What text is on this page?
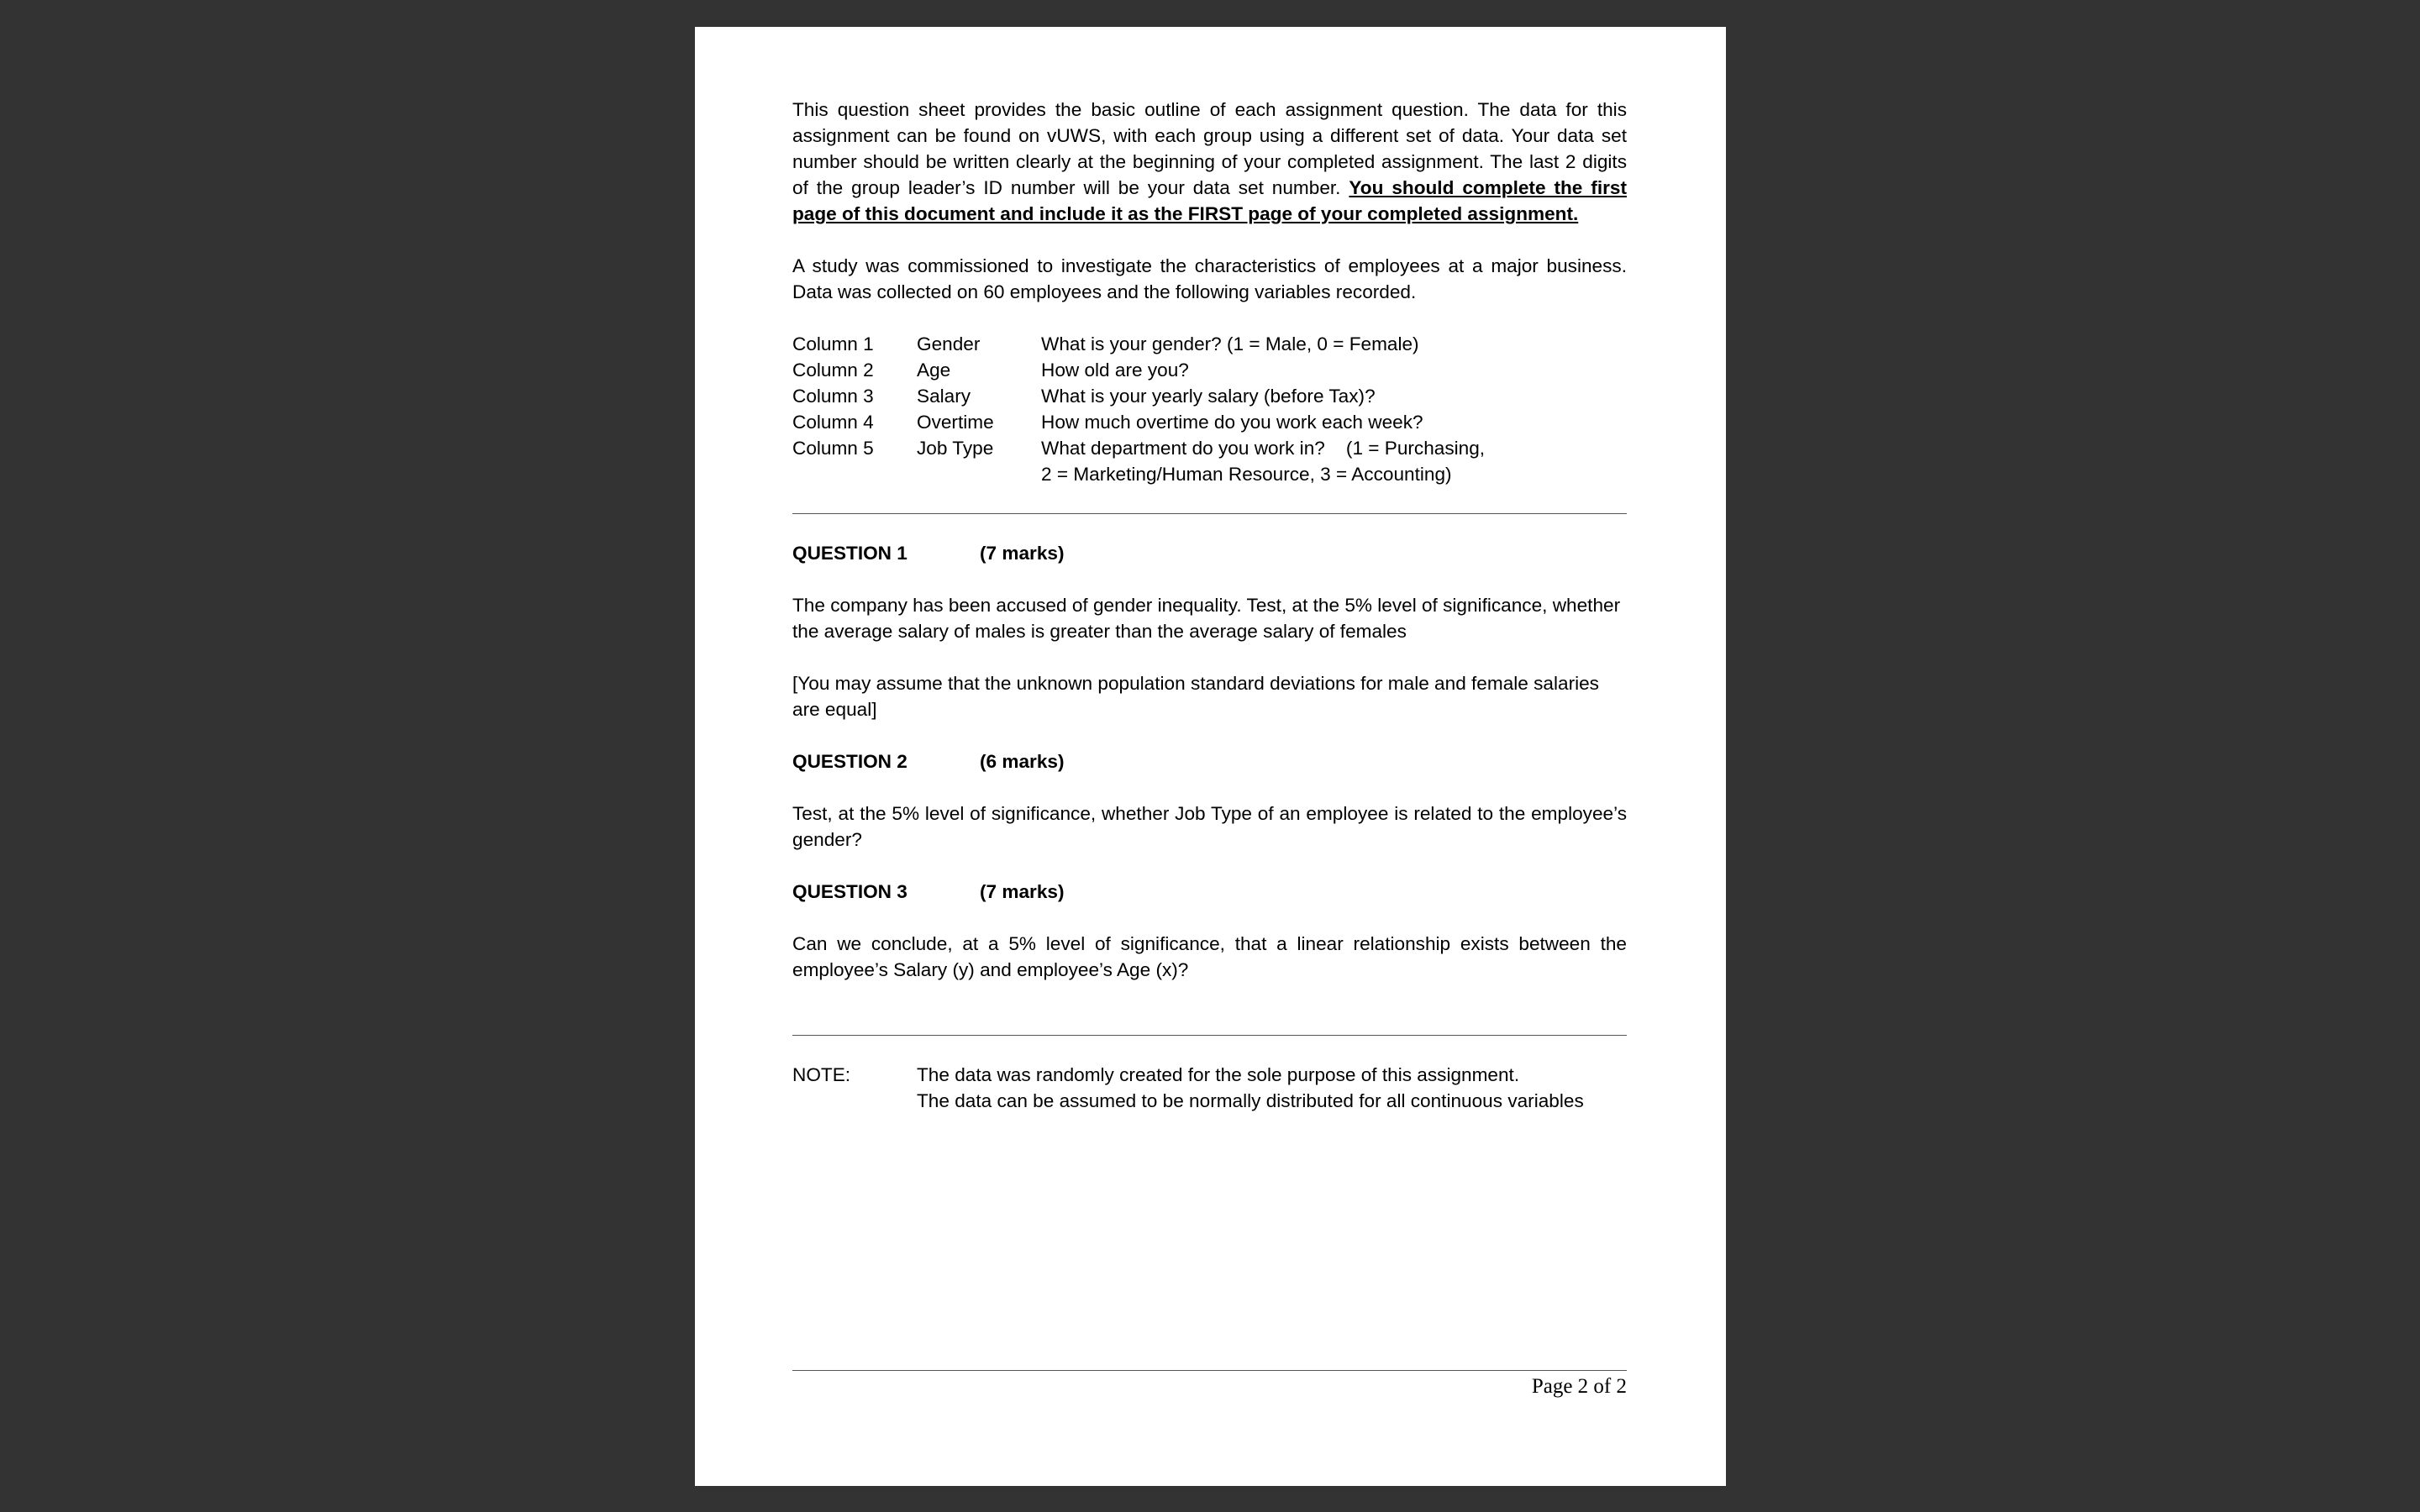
This question sheet provides the basic outline of each assignment question. The data for this assignment can be found on vUWS, with each group using a different set of data. Your data set number should be written clearly at the beginning of your completed assignment. The last 2 digits of the group leader’s ID number will be your data set number. You should complete the first page of this document and include it as the FIRST page of your completed assignment.

A study was commissioned to investigate the characteristics of employees at a major business. Data was collected on 60 employees and the following variables recorded.

Column 1	Gender	What is your gender? (1 = Male, 0 = Female)
Column 2	Age	How old are you?
Column 3	Salary	What is your yearly salary (before Tax)?
Column 4	Overtime	How much overtime do you work each week?
Column 5	Job Type	What department do you work in?    (1 = Purchasing,
		2 = Marketing/Human Resource, 3 = Accounting)
QUESTION 1	(7 marks)

The company has been accused of gender inequality. Test, at the 5% level of significance, whether the average salary of males is greater than the average salary of females

[You may assume that the unknown population standard deviations for male and female salaries are equal]

QUESTION 2	(6 marks)

Test, at the 5% level of significance, whether Job Type of an employee is related to the employee’s gender?

QUESTION 3	(7 marks)

Can we conclude, at a 5% level of significance, that a linear relationship exists between the employee’s Salary (y) and employee’s Age (x)?

NOTE:	The data was randomly created for the sole purpose of this assignment.
The data can be assumed to be normally distributed for all continuous variables
Page 2 of 2
